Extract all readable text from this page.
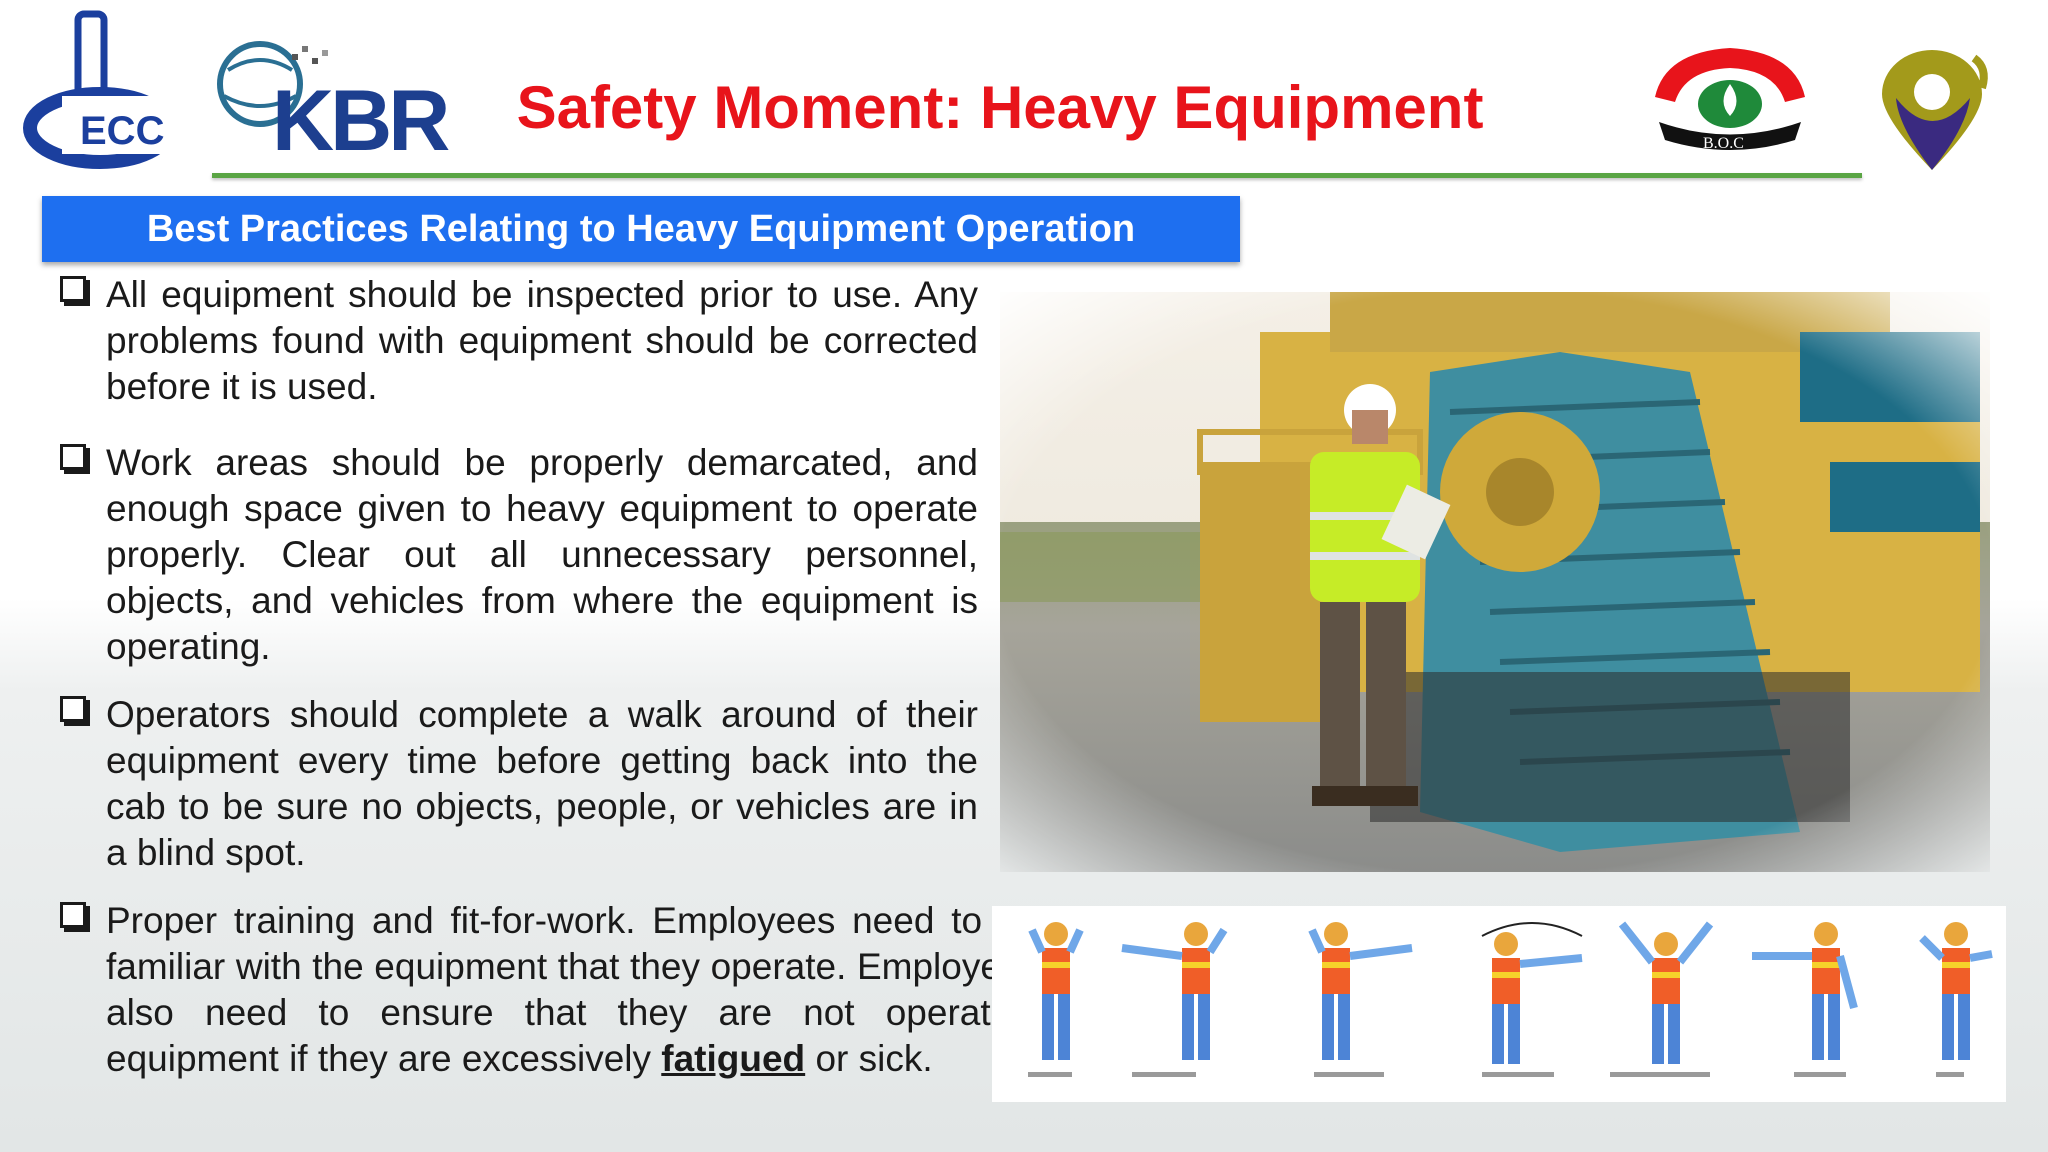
ECC KBR	Safety Moment: Heavy Equipment
B.O.C
Best Practices Relating to Heavy Equipment Operation
All equipment should be inspected prior to use. Any problems found with equipment should be corrected before it is used.
Work areas should be properly demarcated, and enough space given to heavy equipment to operate properly. Clear out all unnecessary personnel, objects, and vehicles from where the equipment is operating.
Operators should complete a walk around of their equipment every time before getting back into the cab to be sure no objects, people, or vehicles are in a blind spot.
Proper training and fit-for-work. Employees need to be familiar with the equipment that they operate. Employees also need to ensure that they are not operating equipment if they are excessively fatigued or sick.
